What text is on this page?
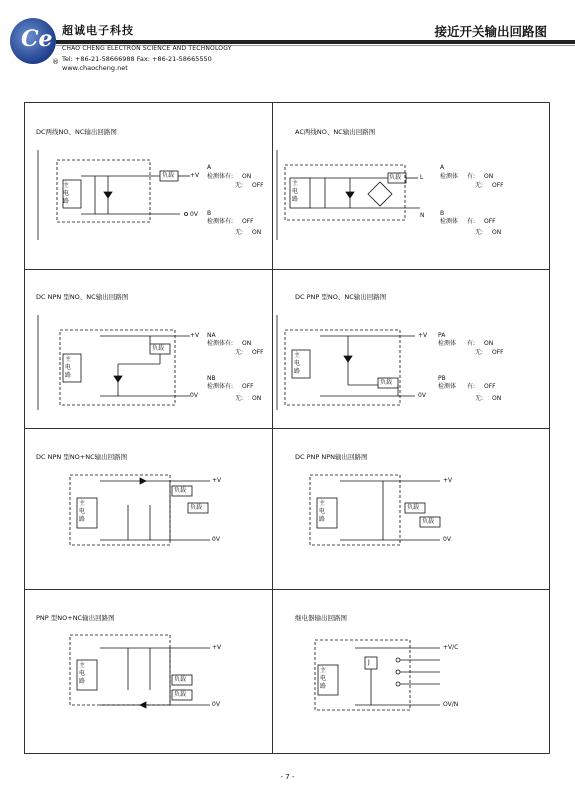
Ce
®
超诚电子科技
CHAO CHENG ELECTRON SCIENCE AND TECHNOLOGY
Tel: +86-21-58666988 Fax: +86-21-58665550
www.chaocheng.net
接近开关输出回路图
DC两线NO、NC输出回路图	AC两线NO、NC输出回路图
DC NPN 型NO、NC输出回路图	DC PNP 型NO、NC输出回路图
DC NPN 型NO+NC输出回路图	DC PNP NPN输出回路图
PNP 型NO+NC输出回路图	继电器输出回路图
负载
主电路
+V
0V
A
检测体 有: ON
无: OFF
B
检测体 有: OFF
无: ON
负载
主电路
L
N
A
检测体 有: ON
无: OFF
B
检测体 有: OFF
无: ON
负载
主电路
+V
0V
NA
检测体 有: ON
无: OFF
NB
检测体 有: OFF
无: ON
负载
主电路
+V
0V
PA
检测体 有: ON
无: OFF
PB
检测体 有: OFF
无: ON
主电路
负载
负载
+V
0V
主电路
负载
负载
+V
0V
主电路	负载
负载
+V
0V
主电路
J
+V/C
OV/N
- 7 -
